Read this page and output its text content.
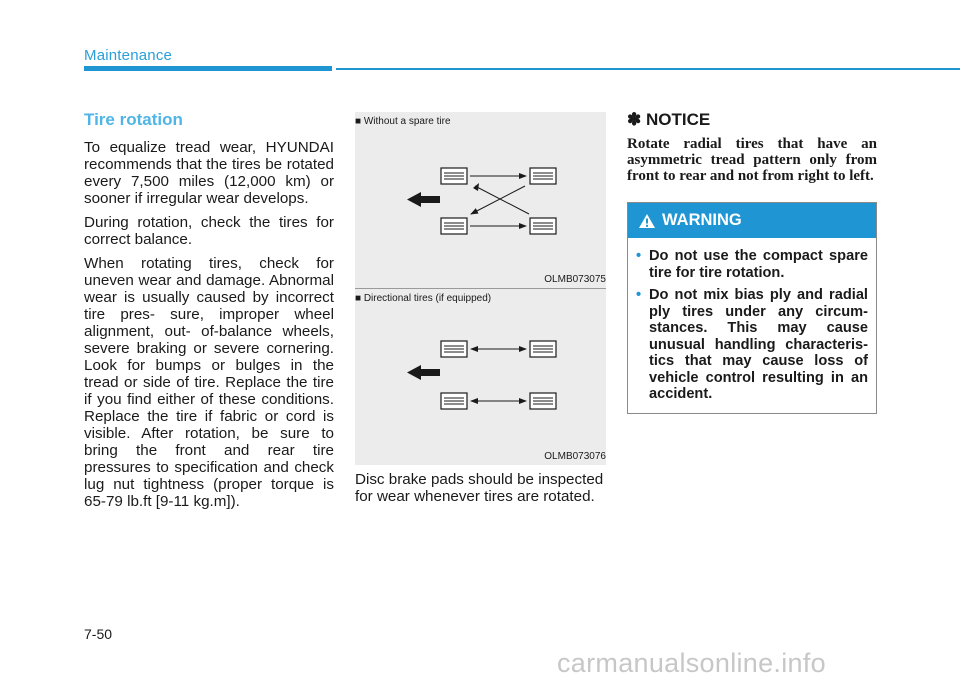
Maintenance
Tire rotation

To equalize tread wear, HYUNDAI recommends that the tires be rotated every 7,500 miles (12,000 km) or sooner if irregular wear develops.

During rotation, check the tires for correct balance.

When rotating tires, check for uneven wear and damage. Abnormal wear is usually caused by incorrect tire pres- sure, improper wheel alignment, out- of-balance wheels, severe braking or severe cornering. Look for bumps or bulges in the tread or side of tire. Replace the tire if you find either of these conditions. Replace the tire if fabric or cord is visible. After rotation, be sure to bring the front and rear tire pressures to specification and check lug nut tightness (proper torque is 65-79 lb.ft [9-11 kg.m]).

■ Without a spare tire
OLMB073075
■ Directional tires (if equipped)
OLMB073076
Disc brake pads should be inspected for wear whenever tires are rotated.
✽ NOTICE

Rotate radial tires that have an asymmetric tread pattern only from front to rear and not from right to left.

WARNING
• Do not use the compact spare tire for tire rotation.
• Do not mix bias ply and radial ply tires under any circum- stances. This may cause unusual handling characteris- tics that may cause loss of vehicle control resulting in an accident.
7-50
carmanualsonline.info
